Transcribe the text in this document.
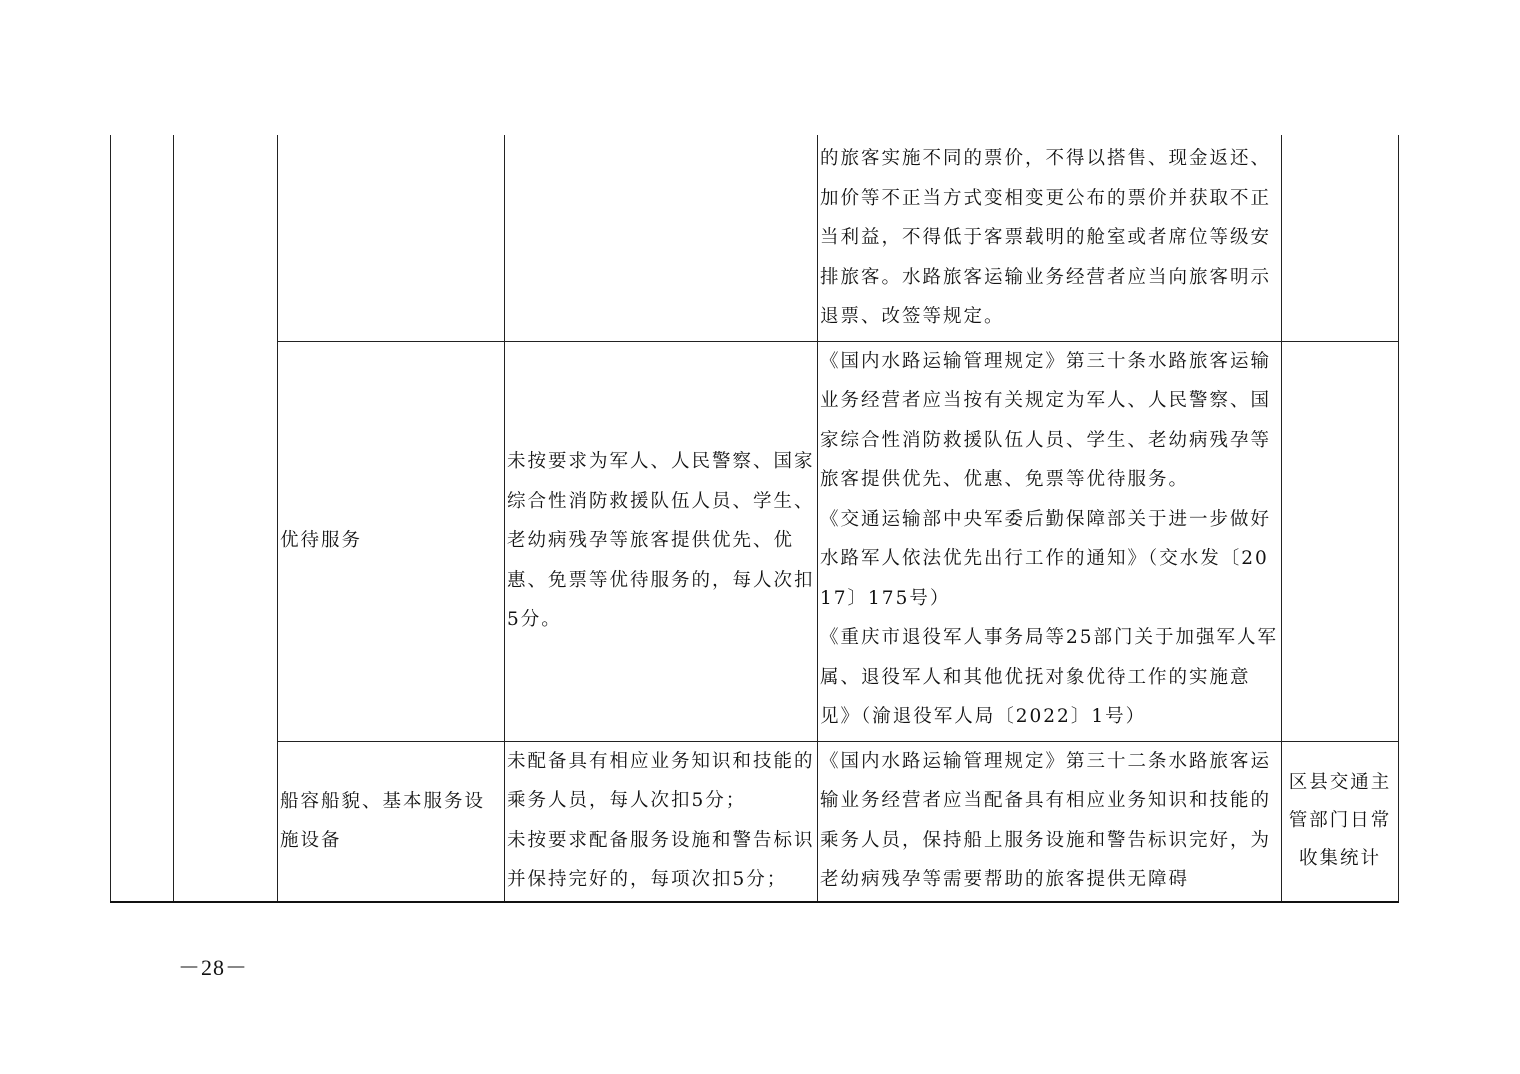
				的旅客实施不同的票价，不得以搭售、现金返还、加价等不正当方式变相变更公布的票价并获取不正当利益，不得低于客票载明的舱室或者席位等级安排旅客。水路旅客运输业务经营者应当向旅客明示退票、改签等规定。	
		优待服务	未按要求为军人、人民警察、国家综合性消防救援队伍人员、学生、老幼病残孕等旅客提供优先、优惠、免票等优待服务的，每人次扣5分。	《国内水路运输管理规定》第三十条水路旅客运输业务经营者应当按有关规定为军人、人民警察、国家综合性消防救援队伍人员、学生、老幼病残孕等旅客提供优先、优惠、免票等优待服务。
《交通运输部中央军委后勤保障部关于进一步做好水路军人依法优先出行工作的通知》（交水发〔2017〕175号）
《重庆市退役军人事务局等25部门关于加强军人军属、退役军人和其他优抚对象优待工作的实施意见》（渝退役军人局〔2022〕1号）	

		船容船貌、基本服务设施设备	未配备具有相应业务知识和技能的乘务人员，每人次扣5分；
未按要求配备服务设施和警告标识并保持完好的，每项次扣5分；	《国内水路运输管理规定》第三十二条水路旅客运输业务经营者应当配备具有相应业务知识和技能的乘务人员，保持船上服务设施和警告标识完好，为老幼病残孕等需要帮助的旅客提供无障碍	区县交通主管部门日常收集统计
－28－
